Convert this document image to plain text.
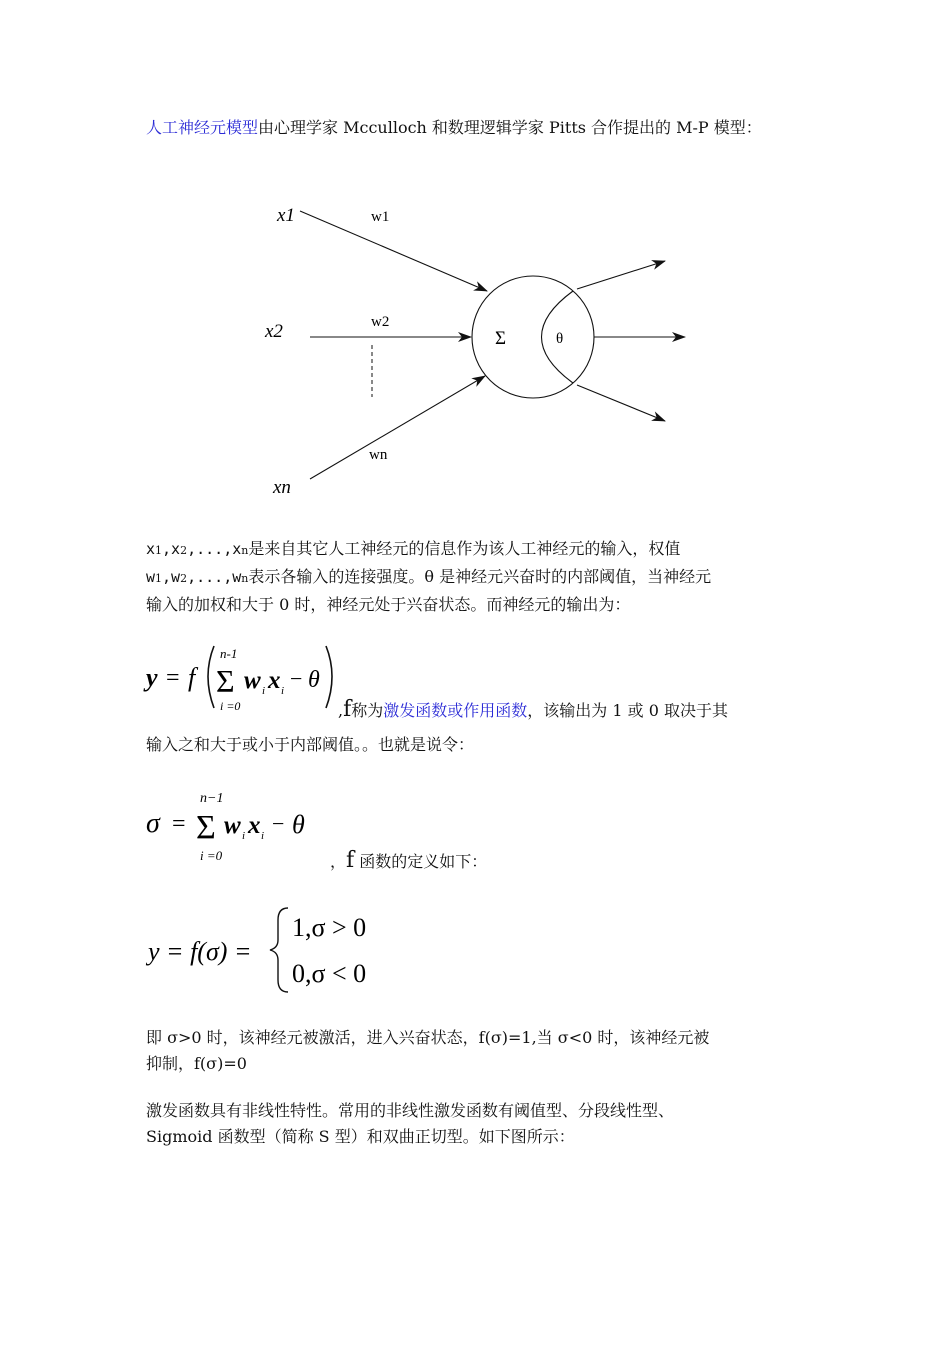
人工神经元模型由心理学家 Mcculloch 和数理逻辑学家 Pitts 合作提出的 M-P 模型：
x1
x2
xn
w1
w2
wn
Σ	θ
x1,x2,...,xn是来自其它人工神经元的信息作为该人工神经元的输入，权值
w1,w2,...,wn表示各输入的连接强度。θ 是神经元兴奋时的内部阈值，当神经元
输入的加权和大于 0 时，神经元处于兴奋状态。而神经元的输出为：
y = f
n-1
Σ
i =0
w i x i − θ
,f称为激发函数或作用函数，该输出为 1 或 0 取决于其
输入之和大于或小于内部阈值。。也就是说令：
σ =
n−1
Σ
i =0
w i x i − θ
，f 函数的定义如下：
y = f(σ) =
1,σ > 0
0,σ < 0
即 σ>0 时，该神经元被激活，进入兴奋状态，f(σ)=1,当 σ<0 时，该神经元被
抑制，f(σ)=0
激发函数具有非线性特性。常用的非线性激发函数有阈值型、分段线性型、
Sigmoid 函数型（简称 S 型）和双曲正切型。如下图所示：
